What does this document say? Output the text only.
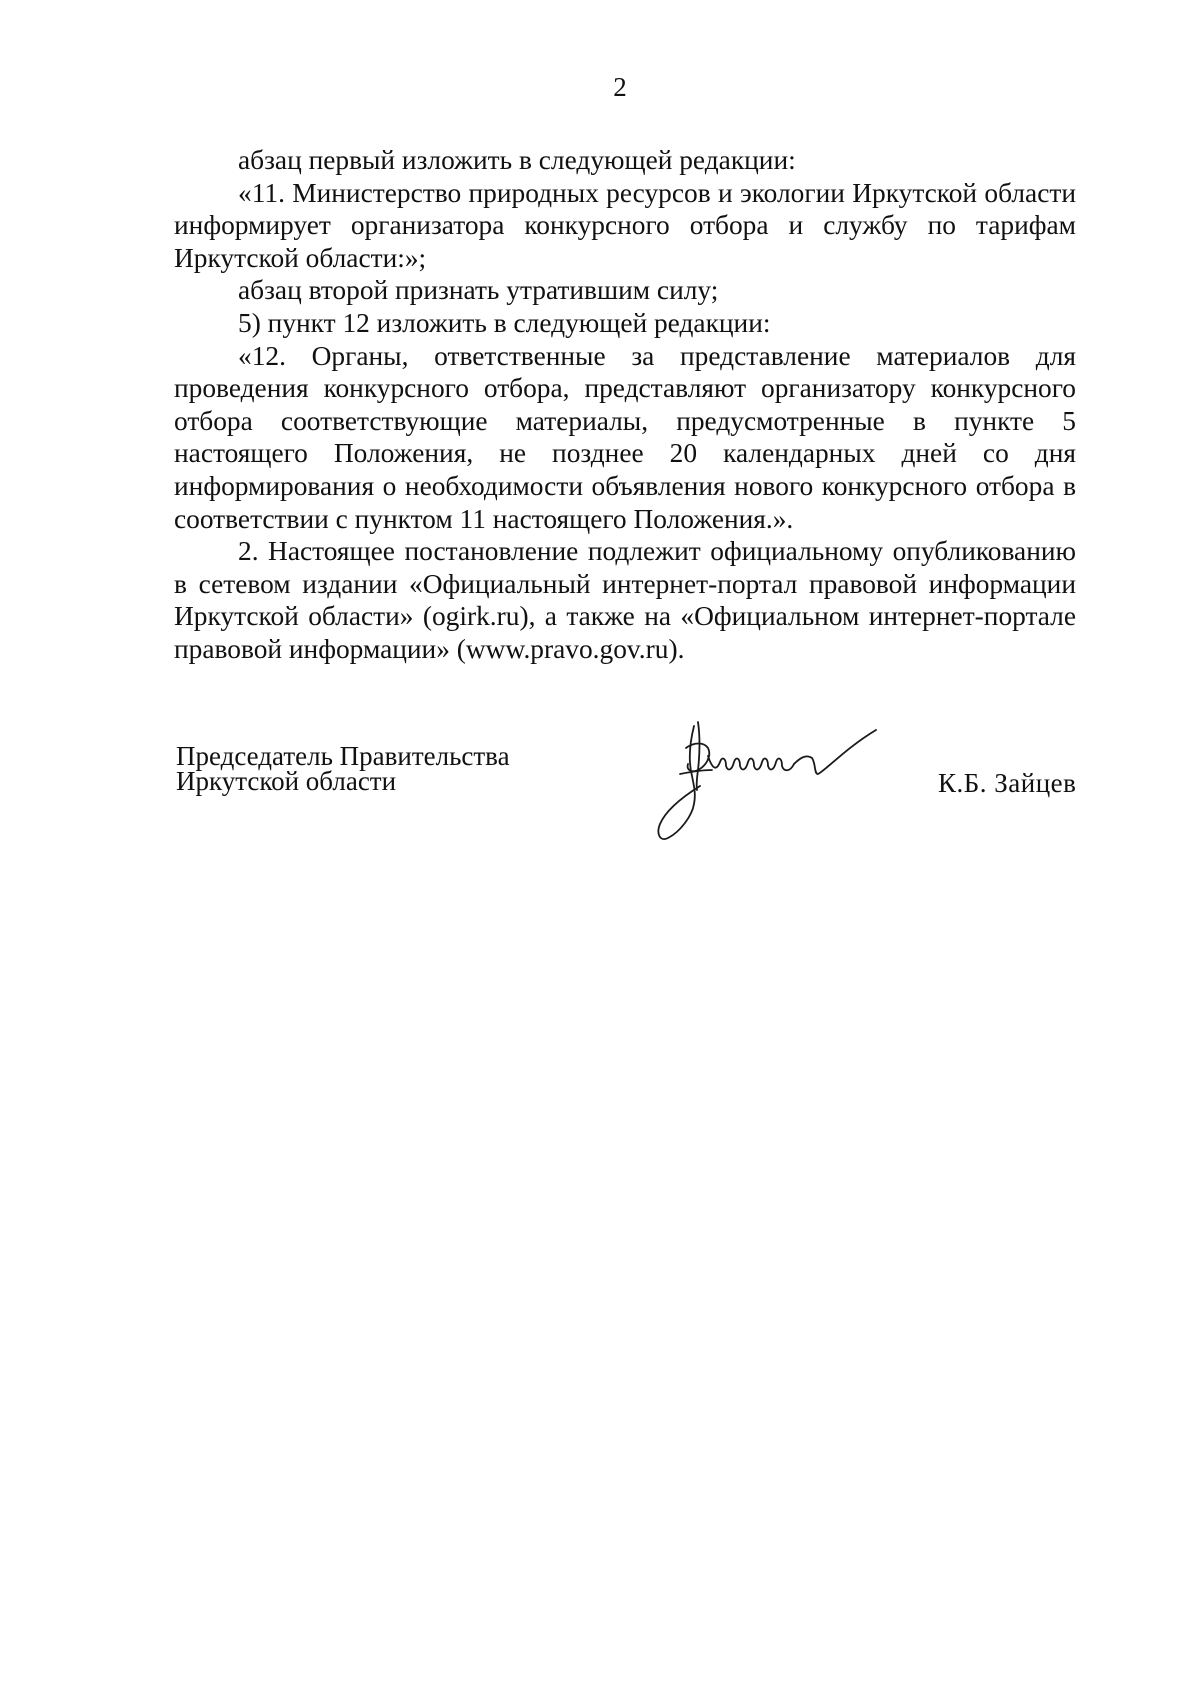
2

абзац первый изложить в следующей редакции:

«11. Министерство природных ресурсов и экологии Иркутской области информирует организатора конкурсного отбора и службу по тарифам Иркутской области:»;

абзац второй признать утратившим силу;

5) пункт 12 изложить в следующей редакции:

«12. Органы, ответственные за представление материалов для проведения конкурсного отбора, представляют организатору конкурсного отбора соответствующие материалы, предусмотренные в пункте 5 настоящего Положения, не позднее 20 календарных дней со дня информирования о необходимости объявления нового конкурсного отбора в соответствии с пунктом 11 настоящего Положения.».

2. Настоящее постановление подлежит официальному опубликованию в сетевом издании «Официальный интернет-портал правовой информации Иркутской области» (ogirk.ru), а также на «Официальном интернет-портале правовой информации» (www.pravo.gov.ru).

Председатель Правительства
Иркутской области	К.Б. Зайцев
